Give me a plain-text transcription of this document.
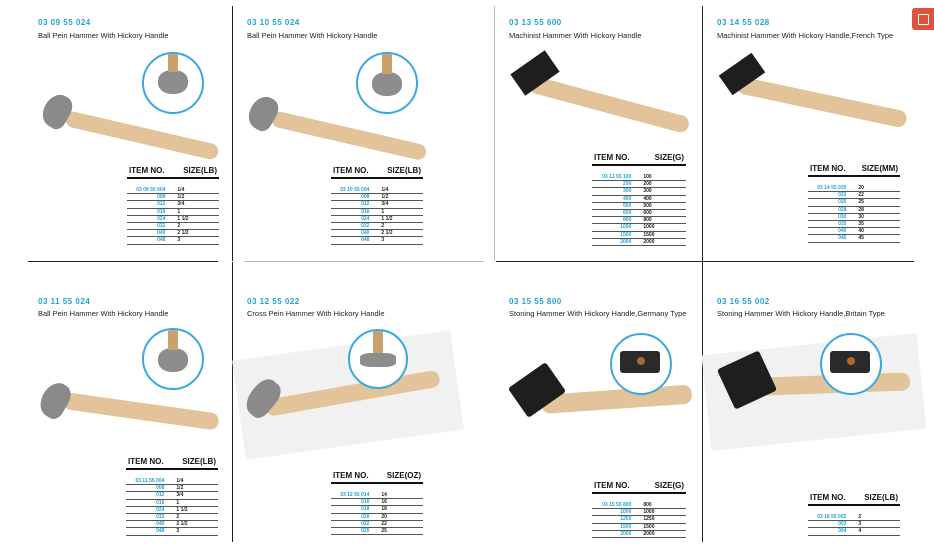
03 09 55 024
Ball Pein Hammer With Hickory Handle
ITEM NO. SIZE(LB)
03 09 55 004	1/4
008	1/2
012	3/4
016	1
024	1 1/2
032	2
040	2 1/2
048	3
03 10 55 024
Ball Pein Hammer With Hickory Handle
ITEM NO. SIZE(LB)
03 10 55 004	1/4
008	1/2
012	3/4
016	1
024	1 1/2
032	2
040	2 1/2
048	3
03 13 55 600
Machinist Hammer With Hickory Handle
ITEM NO.	SIZE(G)
03 13 55 100	100
200	200
300	300
400	400
500	500
600	600
800	800
1000	1000
1500	1500
2000	2000
03 14 55 028
Machinist Hammer With Hickory Handle,French Type
ITEM NO. SIZE(MM)
03 14 55 020	20
022	22
025	25
028	28
030	30
035	35
040	40
045	45
03 11 55 024
Ball Pein Hammer With Hickory Handle
ITEM NO. SIZE(LB)
03 11 55 004	1/4
008	1/2
012	3/4
016	1
024	1 1/2
032	2
040	2 1/2
048	3
03 12 55 022
Cross Pein Hammer With Hickory Handle
ITEM NO. SIZE(OZ)
03 12 55 014	14
016	16
018	18
020	20
022	22
025	25
03 15 55 800
Stoning Hammer With Hickory Handle,Germany Type
ITEM NO.	SIZE(G)
03 15 55 800	800
1000	1000
1250	1250
1500	1500
2000	2000
03 16 55 002
Stoning Hammer With Hickory Handle,Britain Type
ITEM NO. SIZE(LB)
03 16 55 002	2
003	3
004	4
